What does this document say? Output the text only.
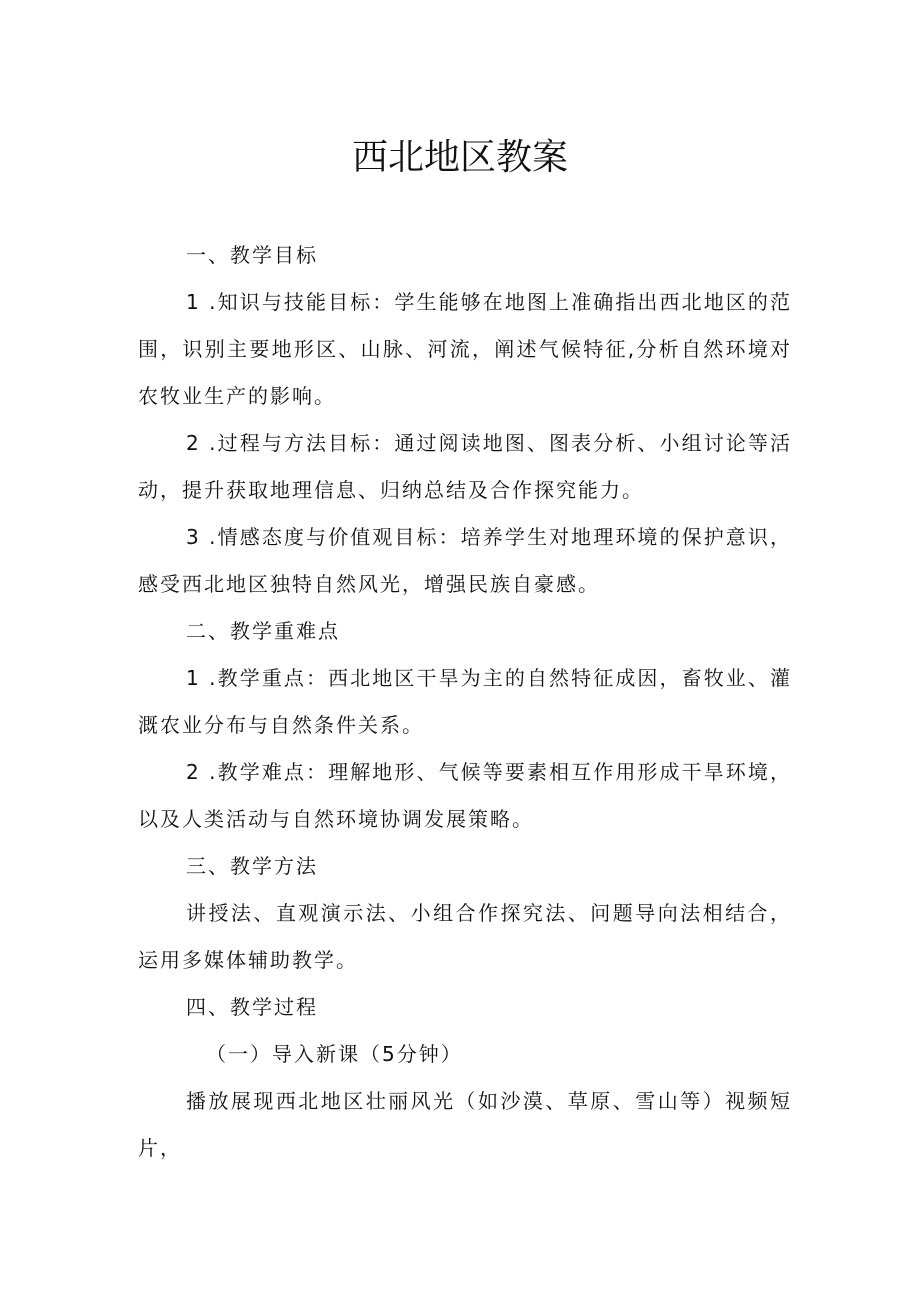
西北地区教案

一、教学目标

1 .知识与技能目标：学生能够在地图上准确指出西北地区的范围，识别主要地形区、山脉、河流，阐述气候特征,分析自然环境对农牧业生产的影响。

2 .过程与方法目标：通过阅读地图、图表分析、小组讨论等活动，提升获取地理信息、归纳总结及合作探究能力。

3 .情感态度与价值观目标：培养学生对地理环境的保护意识，感受西北地区独特自然风光，增强民族自豪感。

二、教学重难点

1 .教学重点：西北地区干旱为主的自然特征成因，畜牧业、灌溉农业分布与自然条件关系。

2 .教学难点：理解地形、气候等要素相互作用形成干旱环境，以及人类活动与自然环境协调发展策略。

三、教学方法

讲授法、直观演示法、小组合作探究法、问题导向法相结合，运用多媒体辅助教学。

四、教学过程

（一）导入新课（5分钟）

播放展现西北地区壮丽风光（如沙漠、草原、雪山等）视频短片，
